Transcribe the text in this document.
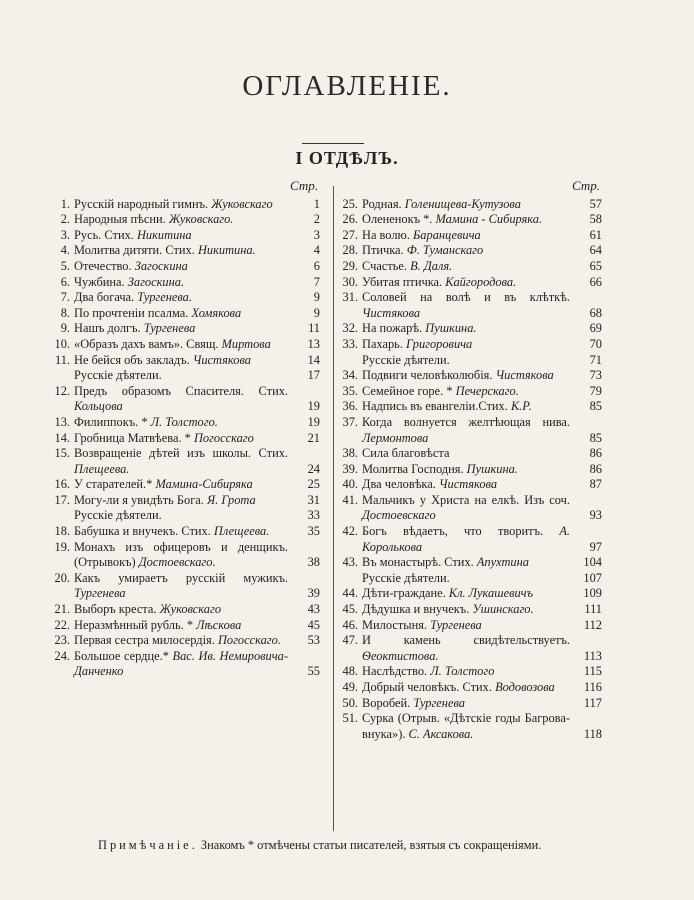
ОГЛАВЛЕНІЕ.
I ОТДѢЛЪ.
Стр.
1. Русскій народный гимнъ. Жуковскаго	1
2. Народныя пѣсни. Жуковскаго.	2
3. Русь. Стих. Никитина	3
4. Молитва дитяти. Стих. Никитина.	4
5. Отечество. Загоскина	6
6. Чужбина. Загоскина.	7
7. Два богача. Тургенева.	9
8. По прочтеніи псалма. Хомякова	9
9. Нашъ долгъ. Тургенева	11
10. «Образъ дахъ вамъ». Свящ. Миртова	13
11. Не бейся объ закладъ. Чистякова	14
Русскіе дѣятели.	17
12. Предъ образомъ Спасителя. Стих. Кольцова	19
13. Филиппокъ. * Л. Толстого.	19
14. Гробница Матвѣева. * Погосскаго	21
15. Возвращеніе дѣтей изъ школы. Стих. Плещеева.	24
16. У старателей.* Мамина-Сибиряка	25
17. Могу-ли я увидѣть Бога. Я. Грота	31
Русскіе дѣятели.	33
18. Бабушка и внучекъ. Стих. Плещеева.	35
19. Монахъ изъ офицеровъ и денщикъ. (Отрывокъ) Достоевскаго.	38
20. Какъ умираетъ русскій мужикъ. Тургенева	39
21. Выборъ креста. Жуковскаго	43
22. Неразмѣнный рубль. * Лѣскова	45
23. Первая сестра милосердія. Погосскаго.	53
24. Большое сердце.* Вас. Ив. Немировича-Данченко	55
Стр.
25. Родная. Голенищева-Кутузова	57
26. Олененокъ *. Мамина - Сибиряка.	58
27. На волю. Баранцевича	61
28. Птичка. Ф. Туманскаго	64
29. Счастье. В. Даля.	65
30. Убитая птичка. Кайгородова.	66
31. Соловей на волѣ и въ клѣткѣ. Чистякова	68
32. На пожарѣ. Пушкина.	69
33. Пахарь. Григоровича	70
Русскіе дѣятели.	71
34. Подвиги человѣколюбія. Чистякова	73
35. Семейное горе. * Печерскаго.	79
36. Надпись въ евангеліи.Стих. К.Р.	85
37. Когда волнуется желтѣющая нива. Лермонтова	85
38. Сила благовѣста	86
39. Молитва Господня. Пушкина.	86
40. Два человѣка. Чистякова	87
41. Мальчикъ у Христа на елкѣ. Изъ соч. Достоевскаго	93
42. Богъ вѣдаетъ, что творитъ. А. Королькова	97
43. Въ монастырѣ. Стих. Апухтина	104
Русскіе дѣятели.	107
44. Дѣти-граждане. Кл. Лукашевичъ	109
45. Дѣдушка и внучекъ. Ушинскаго.	111
46. Милостыня. Тургенева	112
47. И камень свидѣтельствуетъ. Ѳеоктистова.	113
48. Наслѣдство. Л. Толстого	115
49. Добрый человѣкъ. Стих. Водовозова	116
50. Воробей. Тургенева	117
51. Сурка (Отрыв. «Дѣтскіе годы Багрова-внука»). С. Аксакова.	118
Примѣчаніе. Знакомъ * отмѣчены статьи писателей, взятыя съ сокращеніями.
